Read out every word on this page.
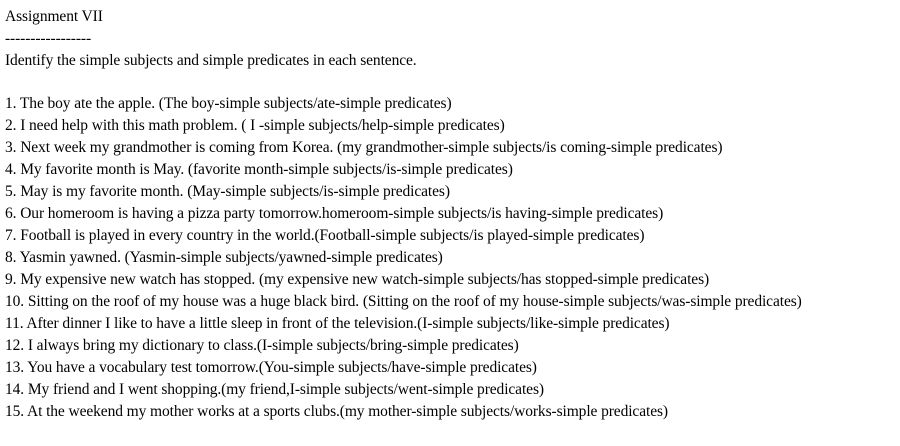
Assignment VII
-----------------
Identify the simple subjects and simple predicates in each sentence.
1. The boy ate the apple. (The boy-simple subjects/ate-simple predicates)
2. I need help with this math problem. ( I -simple subjects/help-simple predicates)
3. Next week my grandmother is coming from Korea. (my grandmother-simple subjects/is coming-simple predicates)
4. My favorite month is May. (favorite month-simple subjects/is-simple predicates)
5. May is my favorite month. (May-simple subjects/is-simple predicates)
6. Our homeroom is having a pizza party tomorrow.homeroom-simple subjects/is having-simple predicates)
7. Football is played in every country in the world.(Football-simple subjects/is played-simple predicates)
8. Yasmin yawned. (Yasmin-simple subjects/yawned-simple predicates)
9. My expensive new watch has stopped. (my expensive new watch-simple subjects/has stopped-simple predicates)
10. Sitting on the roof of my house was a huge black bird. (Sitting on the roof of my house-simple subjects/was-simple predicates)
11. After dinner I like to have a little sleep in front of the television.(I-simple subjects/like-simple predicates)
12. I always bring my dictionary to class.(I-simple subjects/bring-simple predicates)
13. You have a vocabulary test tomorrow.(You-simple subjects/have-simple predicates)
14. My friend and I went shopping.(my friend,I-simple subjects/went-simple predicates)
15. At the weekend my mother works at a sports clubs.(my mother-simple subjects/works-simple predicates)
